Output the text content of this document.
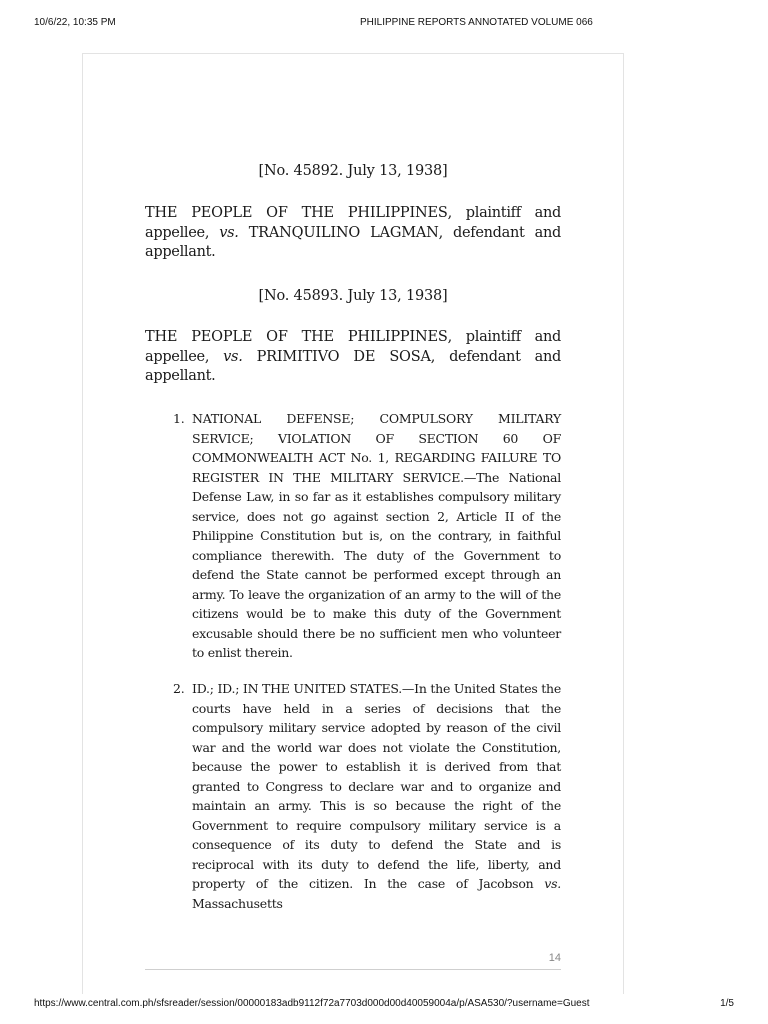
10/6/22, 10:35 PM	PHILIPPINE REPORTS ANNOTATED VOLUME 066
[No. 45892. July 13, 1938]
THE PEOPLE OF THE PHILIPPINES, plaintiff and appellee, vs. TRANQUILINO LAGMAN, defendant and appellant.
[No. 45893. July 13, 1938]
THE PEOPLE OF THE PHILIPPINES, plaintiff and appellee, vs. PRIMITIVO DE SOSA, defendant and appellant.
1. NATIONAL DEFENSE; COMPULSORY MILITARY SERVICE; VIOLATION OF SECTION 60 OF COMMONWEALTH ACT No. 1, REGARDING FAILURE TO REGISTER IN THE MILITARY SERVICE.—The National Defense Law, in so far as it establishes compulsory military service, does not go against section 2, Article II of the Philippine Constitution but is, on the contrary, in faithful compliance therewith. The duty of the Government to defend the State cannot be performed except through an army. To leave the organization of an army to the will of the citizens would be to make this duty of the Government excusable should there be no sufficient men who volunteer to enlist therein.
2. ID.; ID.; IN THE UNITED STATES.—In the United States the courts have held in a series of decisions that the compulsory military service adopted by reason of the civil war and the world war does not violate the Constitution, because the power to establish it is derived from that granted to Congress to declare war and to organize and maintain an army. This is so because the right of the Government to require compulsory military service is a consequence of its duty to defend the State and is reciprocal with its duty to defend the life, liberty, and property of the citizen. In the case of Jacobson vs. Massachusetts
14
https://www.central.com.ph/sfsreader/session/00000183adb9112f72a7703d000d00d40059004a/p/ASA530/?username=Guest	1/5
